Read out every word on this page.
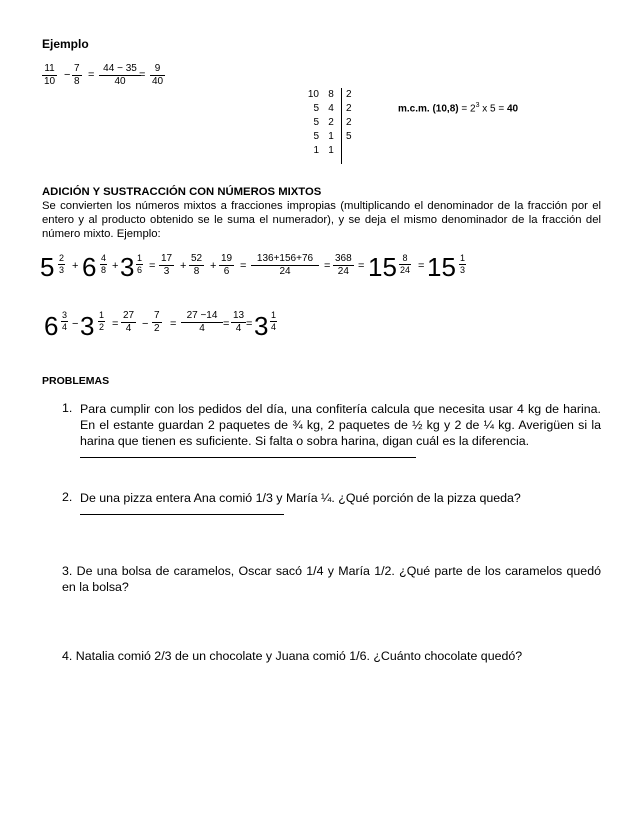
Ejemplo
$\frac{11}{10} - \frac{7}{8} = \frac{44 - 35}{40}$
= $\frac{9}{40}$
10
5
5
5
1
8
4
2
1
1
2
2
2
5
m.c.m. $(10,8) = 2^3$ x 5 = 40
ADICIÓN Y SUSTRACCIÓN CON NÚMEROS MIXTOS
Se convierten los números mixtos a fracciones impropias (multiplicando el denominador de la fracción por el entero y al producto obtenido se le suma el numerador), y se deja el mismo denominador de la fracción del número mixto. Ejemplo:
$5 \frac{2}{3} + 6 \frac{4}{8} + 3 \frac{1}{6} = \frac{17}{3} + \frac{52}{8} + \frac{19}{6} = \frac{136+156+76}{24} = \frac{368}{24} = 15 \frac{8}{24} = 15 \frac{1}{3}$
$6 \frac{3}{4} - 3 \frac{1}{2} = \frac{27}{4} - \frac{7}{2} = \frac{27 -14}{4} = \frac{13}{4} = 3 \frac{1}{4}$
PROBLEMAS
1. Para cumplir con los pedidos del día, una confitería calcula que necesita usar 4 kg de harina. En el estante guardan 2 paquetes de ¾ kg, 2 paquetes de ½ kg y 2 de ¼ kg. Averigüen si la harina que tienen es suficiente. Si falta o sobra harina, digan cuál es la diferencia.
2. De una pizza entera Ana comió 1/3 y María ¼. ¿Qué porción de la pizza queda?
3. De una bolsa de caramelos, Oscar sacó 1/4 y María 1/2. ¿Qué parte de los caramelos quedó en la bolsa?
4. Natalia comió 2/3 de un chocolate y Juana comió 1/6. ¿Cuánto chocolate quedó?
